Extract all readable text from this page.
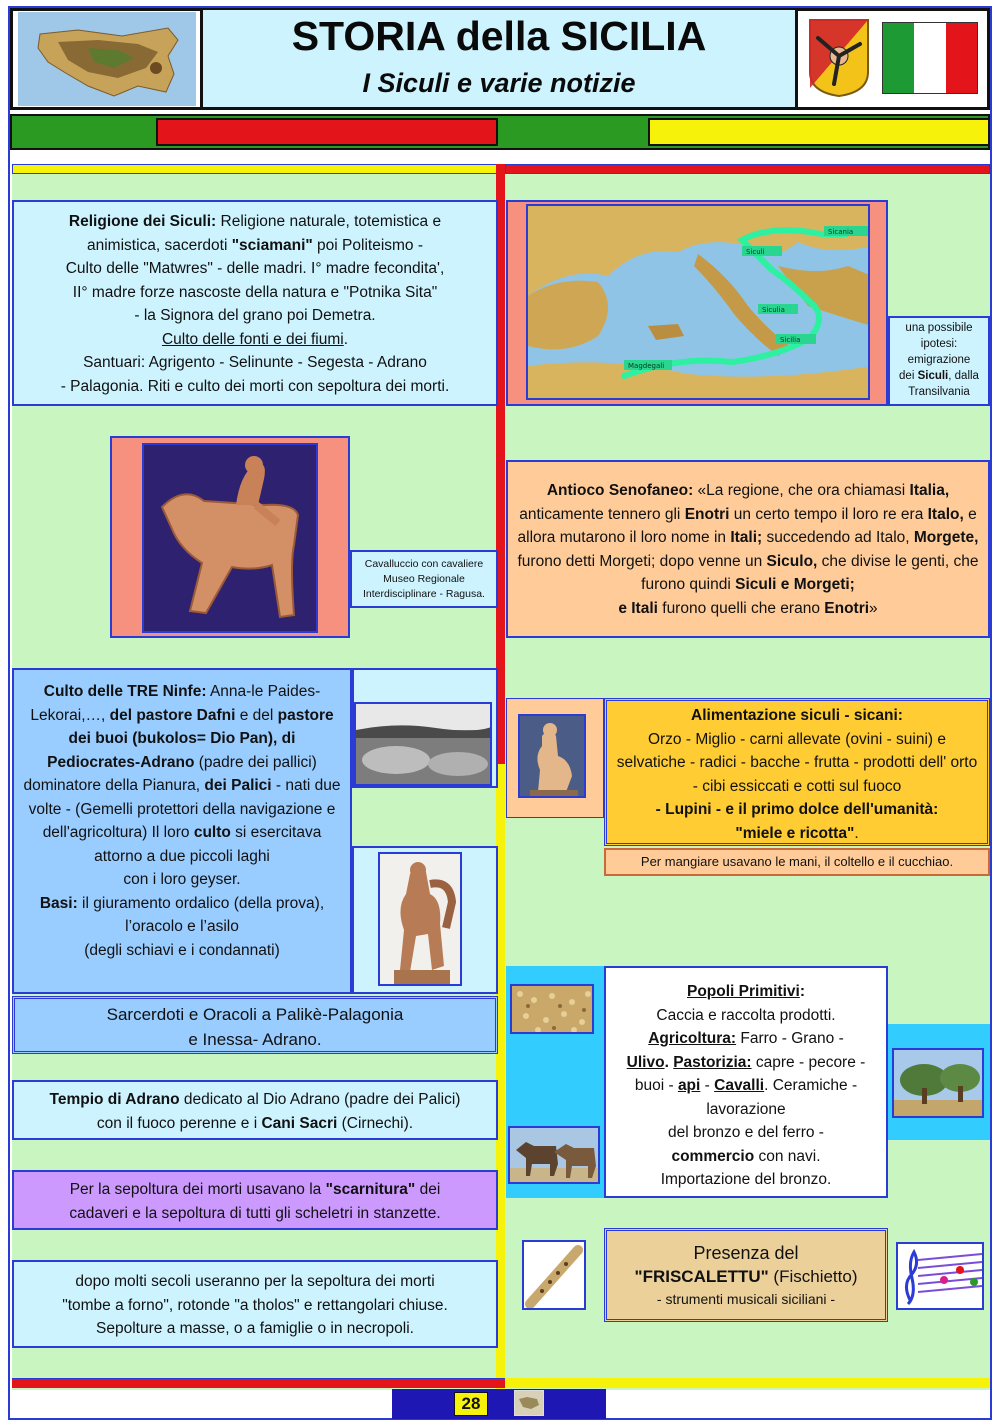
STORIA della SICILIA
I Siculi e varie notizie
Religione dei Siculi: Religione naturale, totemistica e
animistica, sacerdoti "sciamani" poi Politeismo -
Culto delle "Matwres" - delle madri. I° madre fecondita',
II° madre forze nascoste della natura e "Potnika Sita"
- la Signora del grano poi Demetra.
Culto delle fonti e dei fiumi.
Santuari: Agrigento - Selinunte - Segesta - Adrano
- Palagonia. Riti e culto dei morti con sepoltura dei morti.
Cavalluccio con cavaliere
Museo Regionale
Interdisciplinare - Ragusa.
Culto delle TRE Ninfe: Anna-le Paides-Lekorai,…, del pastore Dafni e del pastore dei buoi (bukolos= Dio Pan), di Pediocrates-Adrano (padre dei pallici) dominatore della Pianura, dei Palici - nati due volte - (Gemelli protettori della navigazione e dell'agricoltura) Il loro culto si esercitava attorno a due piccoli laghi
con i loro geyser.
Basi: il giuramento ordalico (della prova), l’oracolo e l’asilo
(degli schiavi e i condannati)
Sarcerdoti e Oracoli a Palikè-Palagonia
e Inessa- Adrano.
Tempio di Adrano dedicato al Dio Adrano (padre dei Palici)
con il fuoco perenne e i Cani Sacri (Cirnechi).
Per la sepoltura dei morti usavano la "scarnitura" dei
cadaveri e la sepoltura di tutti gli scheletri in stanzette.
dopo molti secoli useranno per la sepoltura dei morti
"tombe a forno", rotonde "a tholos" e rettangolari chiuse.
Sepolture a masse, o a famiglie o in necropoli.
Siculi
Sicania
Siculia
Sicilia
Magdegali
una possibile
ipotesi:
emigrazione
dei Siculi, dalla
Transilvania
Antioco Senofaneo: «La regione, che ora chiamasi Italia, anticamente tennero gli Enotri un certo tempo il loro re era Italo, e allora mutarono il loro nome in Itali; succedendo ad Italo, Morgete, furono detti Morgeti; dopo venne un Siculo, che divise le genti, che furono quindi Siculi e Morgeti;
e Itali furono quelli che erano Enotri»
Alimentazione siculi - sicani:
Orzo - Miglio - carni allevate (ovini - suini) e selvatiche - radici - bacche - frutta - prodotti dell' orto - cibi essiccati e cotti sul fuoco
- Lupini - e il primo dolce dell'umanità:
"miele e ricotta".
Per mangiare usavano le mani, il coltello e il cucchiao.
Popoli Primitivi:
Caccia e raccolta prodotti.
Agricoltura: Farro - Grano -
Ulivo. Pastorizia: capre - pecore -
buoi - api - Cavalli. Ceramiche -
lavorazione
del bronzo e del ferro -
commercio con navi.
Importazione del bronzo.
Presenza del
"FRISCALETTU" (Fischietto)
- strumenti musicali siciliani -
28
